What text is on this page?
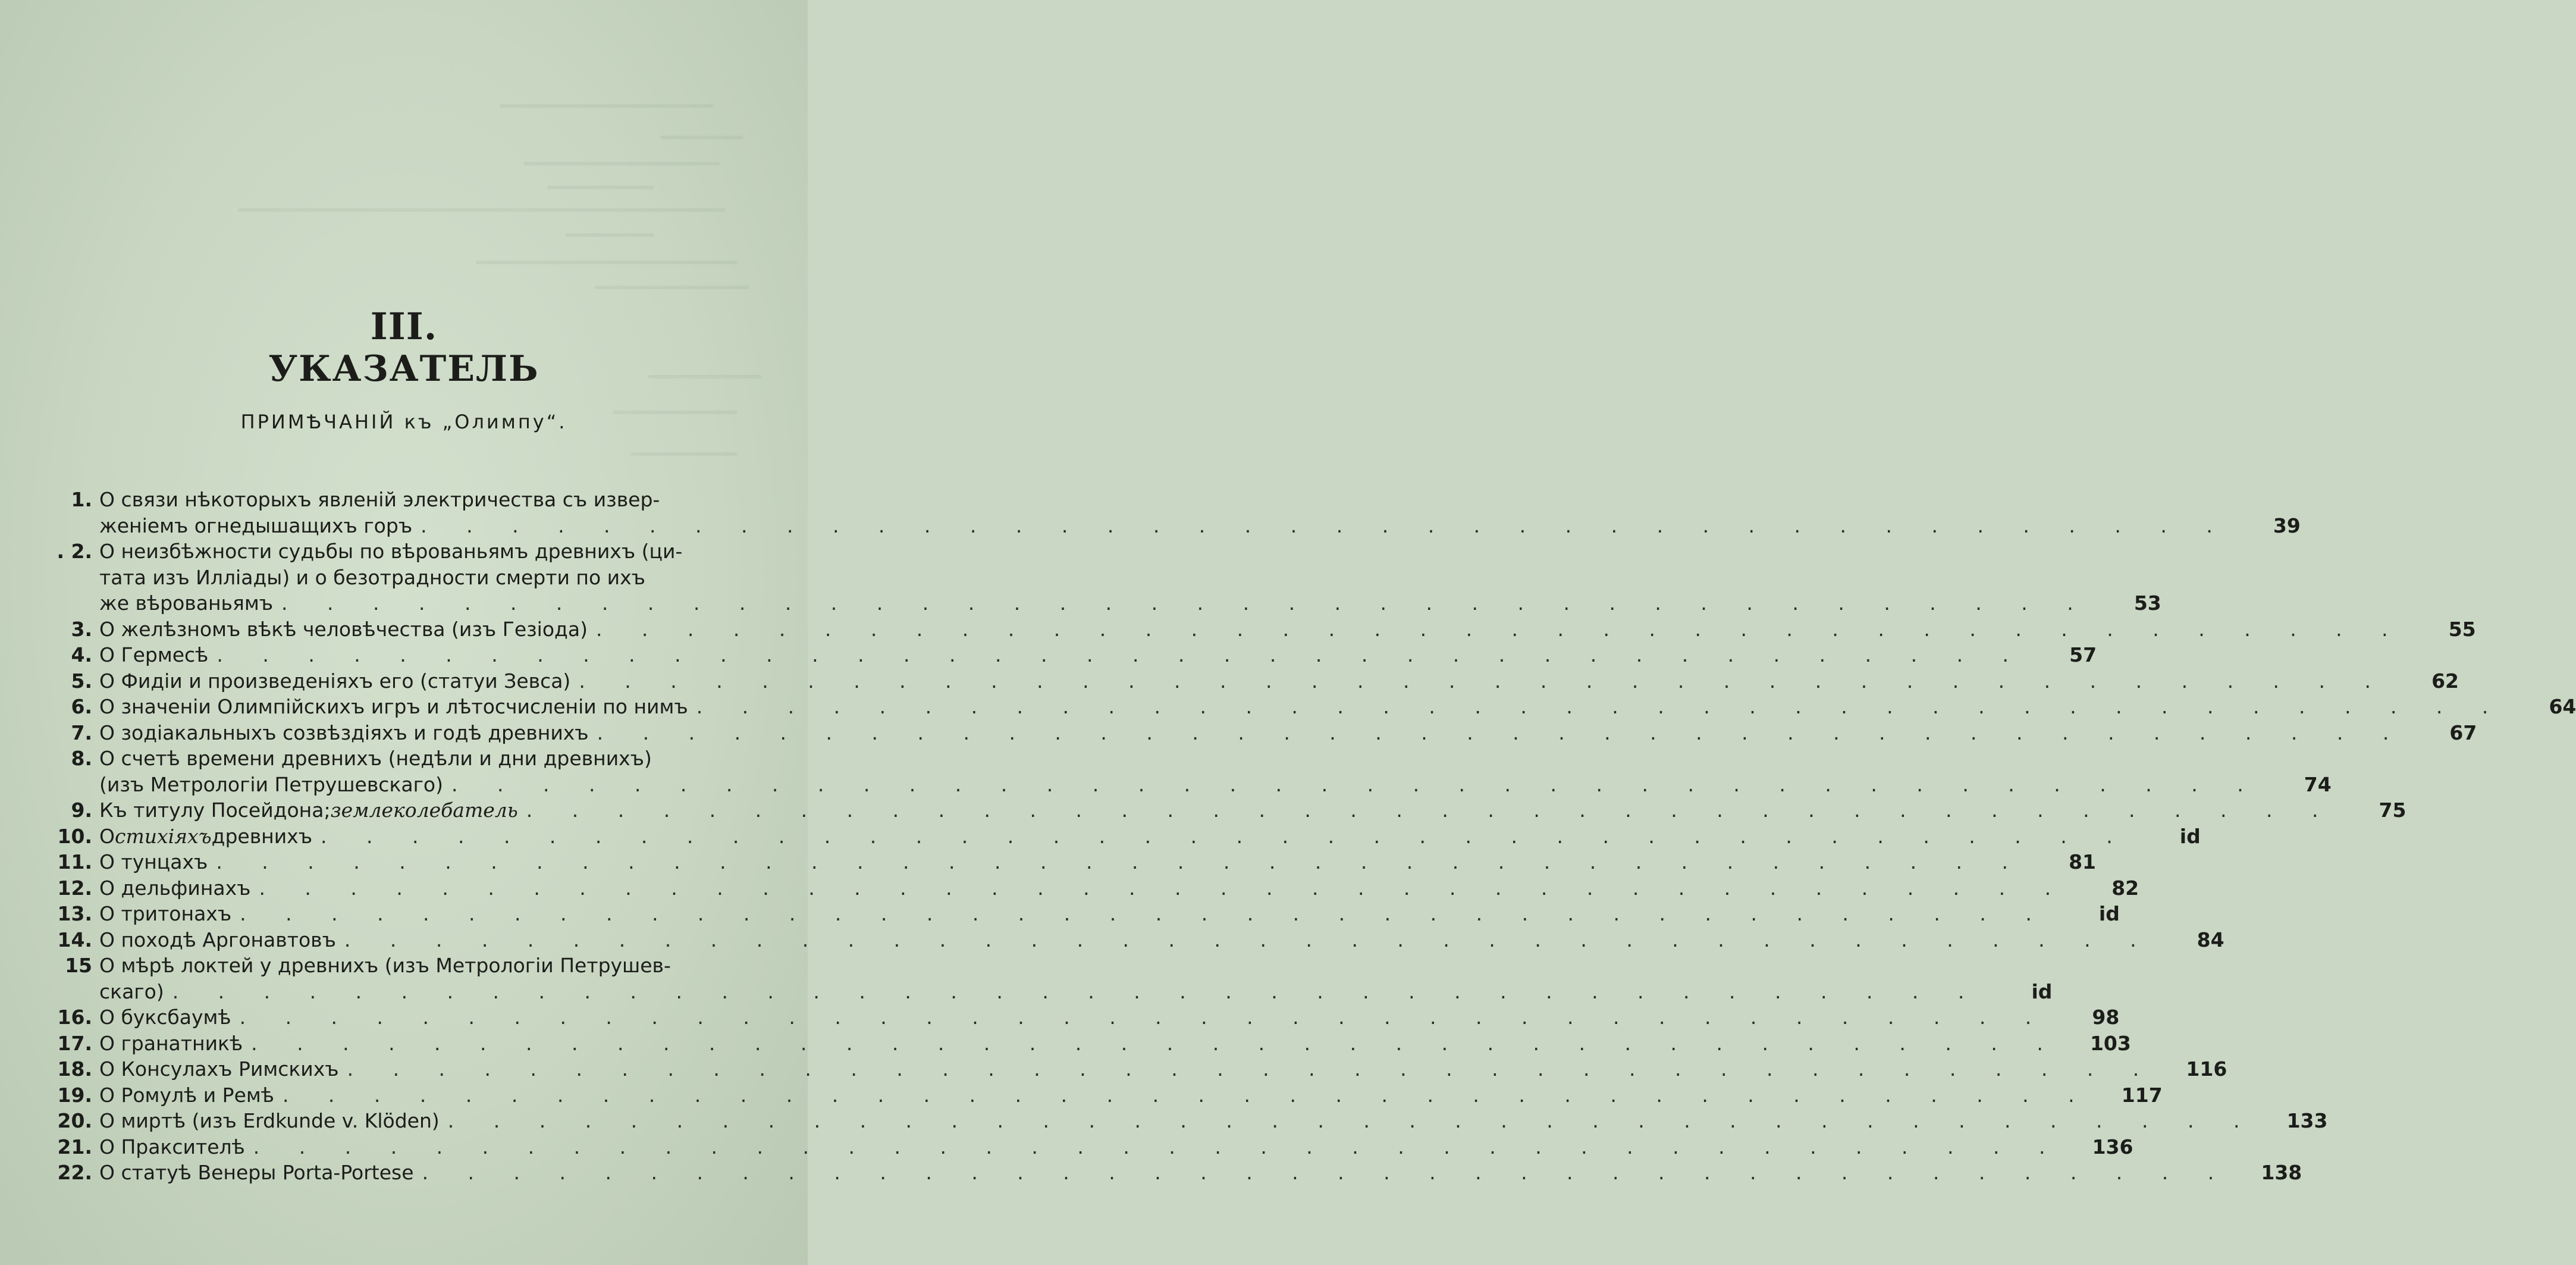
III.
УКАЗАТЕЛЬ
ПРИМѢЧАНІЙ къ „Олимпу“.
1. О связи нѣкоторыхъ явленій электричества съ извер-
женіемъ огнедышащихъ горъ . . . . . . . . . . . . . . . . . . . . . . . . . . . . . . . . . . . . . . . .	39
. 2. О неизбѣжности судьбы по вѣрованьямъ древнихъ (ци-
тата изъ Илліады) и о безотрадности смерти по ихъ
же вѣрованьямъ . . . . . . . . . . . . . . . . . . . . . . . . . . . . . . . . . . . . . . . .	53
3. О желѣзномъ вѣкѣ человѣчества (изъ Гезіода) . . . . . . . . . . . . . . . . . . . . . . . . . . . . . . . . . . . . . . . .	55
4. О Гермесѣ . . . . . . . . . . . . . . . . . . . . . . . . . . . . . . . . . . . . . . . .	57
5. О Фидіи и произведеніяхъ его (статуи Зевса) . . . . . . . . . . . . . . . . . . . . . . . . . . . . . . . . . . . . . . . .	62
6. О значеніи Олимпійскихъ игръ и лѣтосчисленіи по нимъ . . . . . . . . . . . . . . . . . . . . . . . . . . . . . . . . . . . . . . . .	64
7. О зодіакальныхъ созвѣздіяхъ и годѣ древнихъ . . . . . . . . . . . . . . . . . . . . . . . . . . . . . . . . . . . . . . . .	67
8. О счетѣ времени древнихъ (недѣли и дни древнихъ)
(изъ Метрологіи Петрушевскаго) . . . . . . . . . . . . . . . . . . . . . . . . . . . . . . . . . . . . . . . .	74
9. Къ титулу Посейдона; землеколебатель . . . . . . . . . . . . . . . . . . . . . . . . . . . . . . . . . . . . . . . .	75
10. О стихіяхъ древнихъ . . . . . . . . . . . . . . . . . . . . . . . . . . . . . . . . . . . . . . . .	id
11. О тунцахъ . . . . . . . . . . . . . . . . . . . . . . . . . . . . . . . . . . . . . . . .	81
12. О дельфинахъ . . . . . . . . . . . . . . . . . . . . . . . . . . . . . . . . . . . . . . . .	82
13. О тритонахъ . . . . . . . . . . . . . . . . . . . . . . . . . . . . . . . . . . . . . . . .	id
14. О походѣ Аргонавтовъ . . . . . . . . . . . . . . . . . . . . . . . . . . . . . . . . . . . . . . . .	84
15 О мѣрѣ локтей у древнихъ (изъ Метрологіи Петрушев-
скаго) . . . . . . . . . . . . . . . . . . . . . . . . . . . . . . . . . . . . . . . .	id
16. О буксбаумѣ . . . . . . . . . . . . . . . . . . . . . . . . . . . . . . . . . . . . . . . .	98
17. О гранатникѣ . . . . . . . . . . . . . . . . . . . . . . . . . . . . . . . . . . . . . . . .	103
18. О Консулахъ Римскихъ . . . . . . . . . . . . . . . . . . . . . . . . . . . . . . . . . . . . . . . .	116
19. О Ромулѣ и Ремѣ . . . . . . . . . . . . . . . . . . . . . . . . . . . . . . . . . . . . . . . .	117
20. О миртѣ (изъ Erdkunde v. Klöden) . . . . . . . . . . . . . . . . . . . . . . . . . . . . . . . . . . . . . . . .	133
21. О Праксителѣ . . . . . . . . . . . . . . . . . . . . . . . . . . . . . . . . . . . . . . . .	136
22. О статуѣ Венеры Porta-Portese . . . . . . . . . . . . . . . . . . . . . . . . . . . . . . . . . . . . . . . .	138
